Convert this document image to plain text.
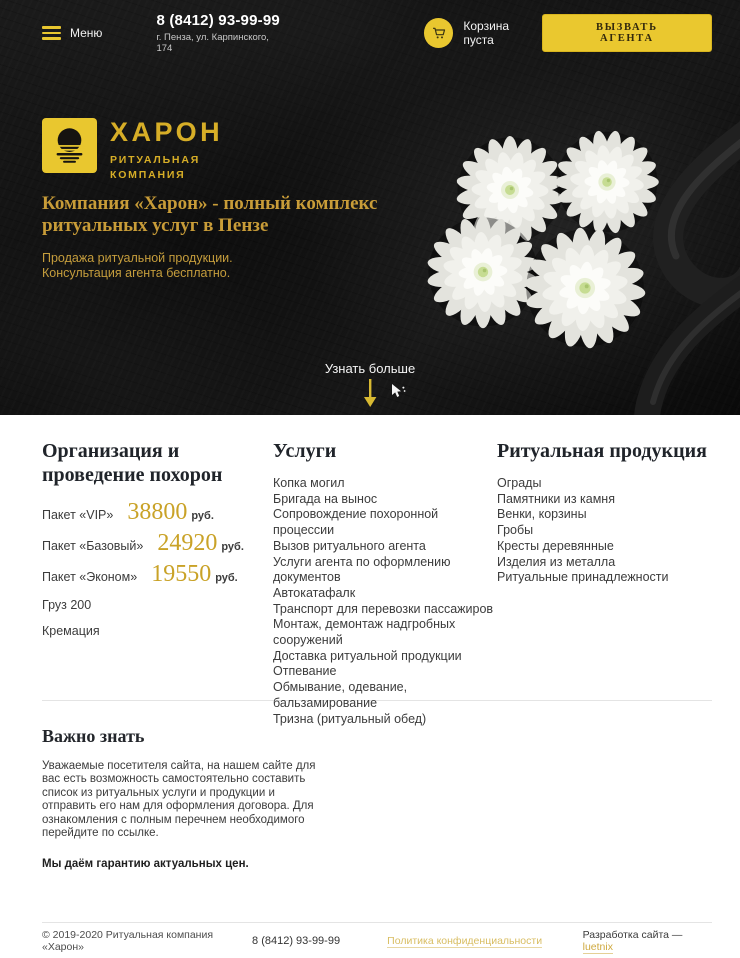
Меню
8 (8412) 93-99-99
г. Пенза, ул. Карпинского, 174
Корзина пуста
ВЫЗВАТЬ АГЕНТА
ХАРОН
РИТУАЛЬНАЯ
КОМПАНИЯ
Компания «Харон» - полный комплекс
ритуальных услуг в Пензе

Продажа ритуальной продукции.
Консультация агента бесплатно.

Узнать больше
Организация и проведение похорон
Пакет «VIP» 38800 руб.
Пакет «Базовый» 24920 руб.
Пакет «Эконом» 19550 руб.
Груз 200
Кремация
Услуги
Копка могил
Бригада на вынос
Сопровождение похоронной процессии
Вызов ритуального агента
Услуги агента по оформлению документов
Автокатафалк
Транспорт для перевозки пассажиров
Монтаж, демонтаж надгробных сооружений
Доставка ритуальной продукции
Отпевание
Обмывание, одевание, бальзамирование
Тризна (ритуальный обед)
Ритуальная продукция
Ограды
Памятники из камня
Венки, корзины
Гробы
Кресты деревянные
Изделия из металла
Ритуальные принадлежности
Важно знать

Уважаемые посетителя сайта, на нашем сайте для вас есть возможность самостоятельно составить список из ритуальных услуги и продукции и отправить его нам для оформления договора. Для ознакомления с полным перечнем необходимого перейдите по ссылке.

Мы даём гарантию актуальных цен.

© 2019-2020 Ритуальная компания «Харон»	8 (8412) 93-99-99	Политика конфиденциальности	Разработка сайта — luetnix
